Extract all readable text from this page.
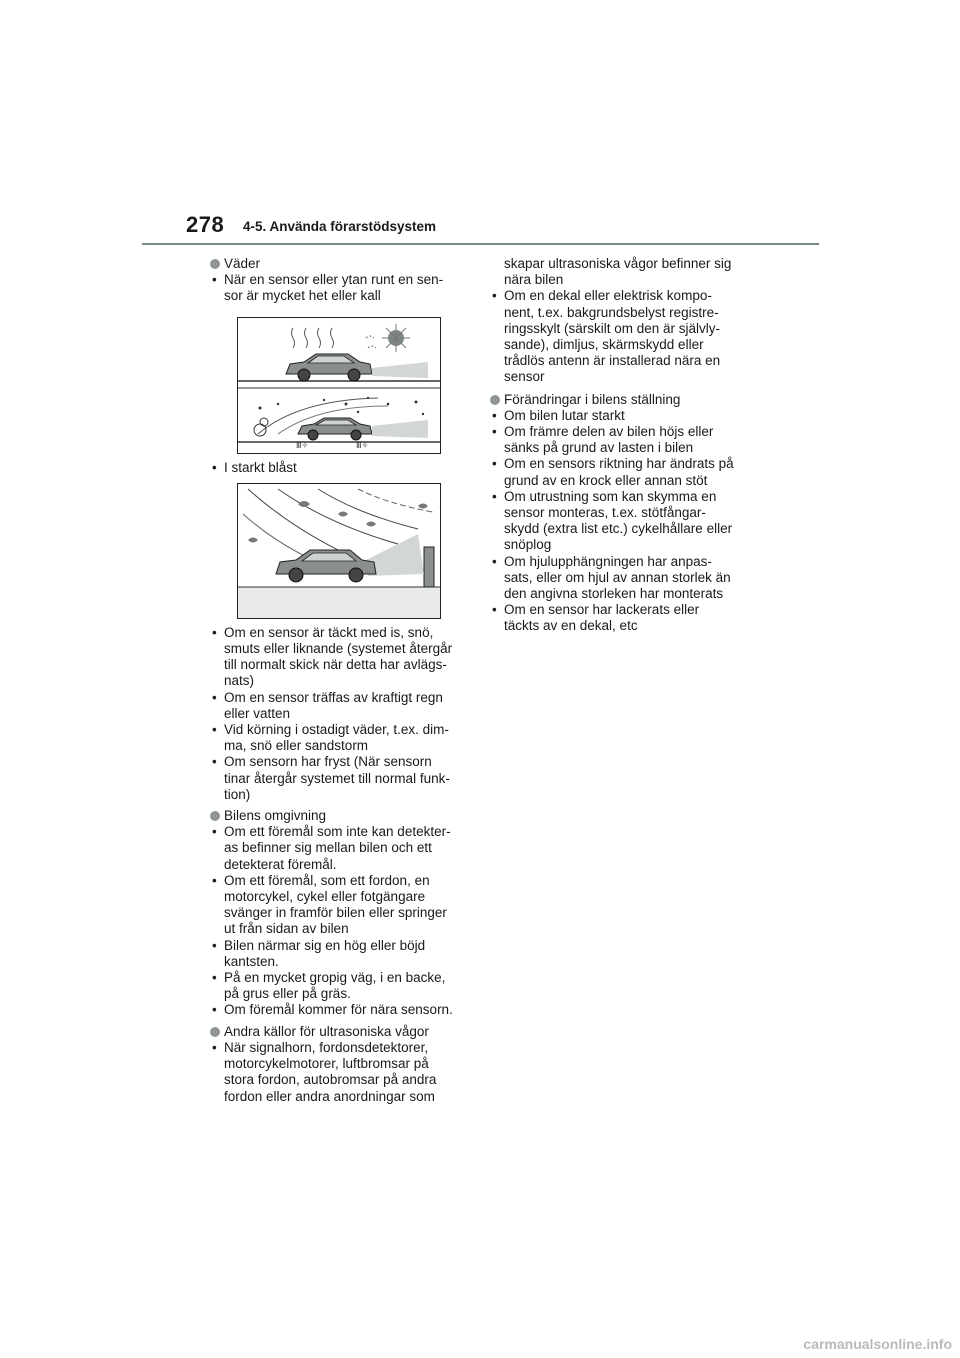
278 4-5. Använda förarstödsystem
Väder
• När en sensor eller ytan runt en sen-
sor är mycket het eller kall
Ⅲ✧	Ⅲ✧
• I starkt blåst
• Om en sensor är täckt med is, snö,
smuts eller liknande (systemet återgår
till normalt skick när detta har avlägs-
nats)
• Om en sensor träffas av kraftigt regn
eller vatten
• Vid körning i ostadigt väder, t.ex. dim-
ma, snö eller sandstorm
• Om sensorn har fryst (När sensorn
tinar återgår systemet till normal funk-
tion)
Bilens omgivning
• Om ett föremål som inte kan detekter-
as befinner sig mellan bilen och ett
detekterat föremål.
• Om ett föremål, som ett fordon, en
motorcykel, cykel eller fotgängare
svänger in framför bilen eller springer
ut från sidan av bilen
• Bilen närmar sig en hög eller böjd
kantsten.
• På en mycket gropig väg, i en backe,
på grus eller på gräs.
• Om föremål kommer för nära sensorn.
Andra källor för ultrasoniska vågor
• När signalhorn, fordonsdetektorer,
motorcykelmotorer, luftbromsar på
stora fordon, autobromsar på andra
fordon eller andra anordningar som
skapar ultrasoniska vågor befinner sig
nära bilen
• Om en dekal eller elektrisk kompo-
nent, t.ex. bakgrundsbelyst registre-
ringsskylt (särskilt om den är självly-
sande), dimljus, skärmskydd eller
trådlös antenn är installerad nära en
sensor
Förändringar i bilens ställning
• Om bilen lutar starkt
• Om främre delen av bilen höjs eller
sänks på grund av lasten i bilen
• Om en sensors riktning har ändrats på
grund av en krock eller annan stöt
• Om utrustning som kan skymma en
sensor monteras, t.ex. stötfångar-
skydd (extra list etc.) cykelhållare eller
snöplog
• Om hjulupphängningen har anpas-
sats, eller om hjul av annan storlek än
den angivna storleken har monterats
• Om en sensor har lackerats eller
täckts av en dekal, etc
carmanualsonline.info
